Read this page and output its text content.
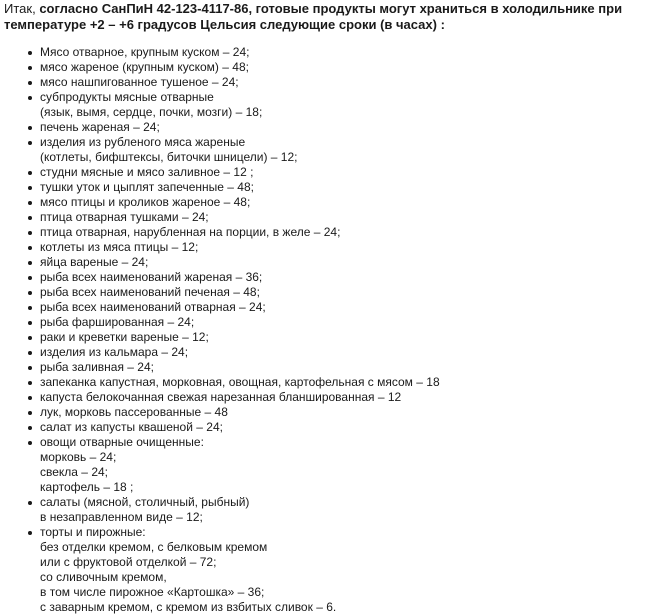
Итак, согласно СанПиН 42-123-4117-86, готовые продукты могут храниться в холодильнике при температуре +2 – +6 градусов Цельсия следующие сроки (в часах) :

Мясо отварное, крупным куском – 24;
мясо жареное (крупным куском) – 48;
мясо нашпигованное тушеное – 24;
субпродукты мясные отварные
(язык, вымя, сердце, почки, мозги) – 18;
печень жареная – 24;
изделия из рубленого мяса жареные
(котлеты, бифштексы, биточки шницели) – 12;
студни мясные и мясо заливное – 12 ;
тушки уток и цыплят запеченные – 48;
мясо птицы и кроликов жареное – 48;
птица отварная тушками – 24;
птица отварная, нарубленная на порции, в желе – 24;
котлеты из мяса птицы – 12;
яйца вареные – 24;
рыба всех наименований жареная – 36;
рыба всех наименований печеная – 48;
рыба всех наименований отварная – 24;
рыба фаршированная – 24;
раки и креветки вареные – 12;
изделия из кальмара – 24;
рыба заливная – 24;
запеканка капустная, морковная, овощная, картофельная с мясом – 18
капуста белокочанная свежая нарезанная бланшированная – 12
лук, морковь пассерованные – 48
салат из капусты квашеной – 24;
овощи отварные очищенные:
морковь – 24;
свекла – 24;
картофель – 18 ;
салаты (мясной, столичный, рыбный)
в незаправленном виде – 12;
торты и пирожные:
без отделки кремом, с белковым кремом
или с фруктовой отделкой – 72;
со сливочным кремом,
в том числе пирожное «Картошка» – 36;
с заварным кремом, с кремом из взбитых сливок – 6.
